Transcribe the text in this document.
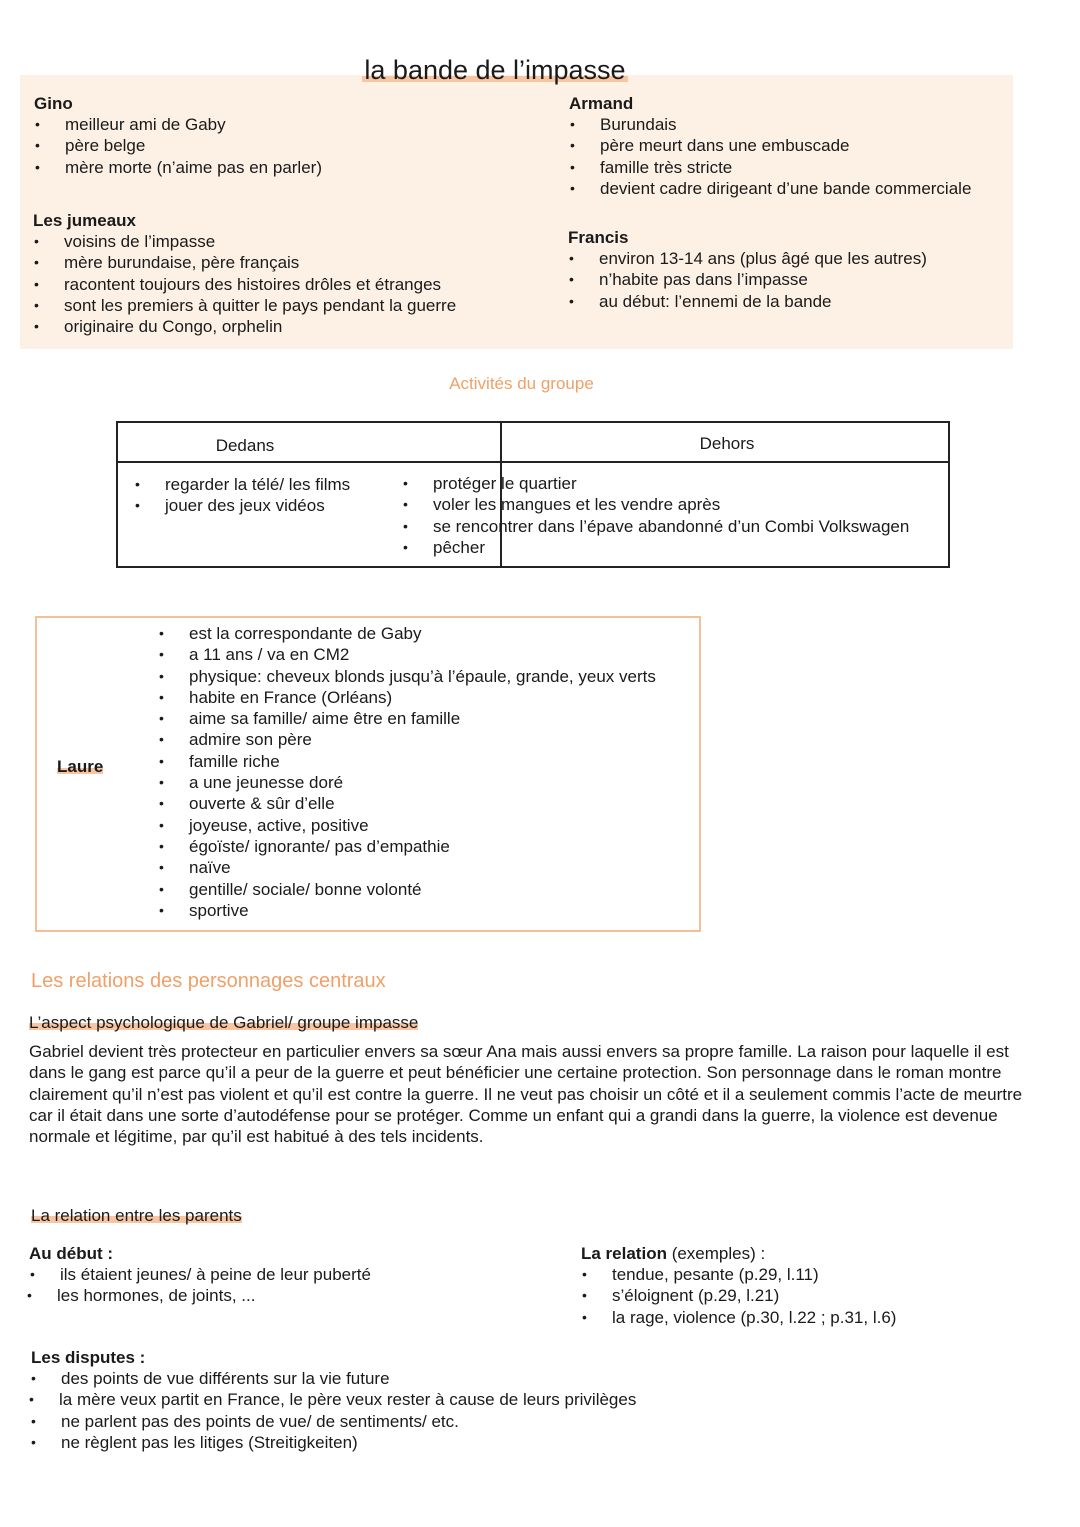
la bande de l’impasse
Gino
• meilleur ami de Gaby
• père belge
• mère morte (n’aime pas en parler)
Les jumeaux
• voisins de l’impasse
• mère burundaise, père français
• racontent toujours des histoires drôles et étranges
• sont les premiers à quitter le pays pendant la guerre
• originaire du Congo, orphelin
Armand
• Burundais
• père meurt dans une embuscade
• famille très stricte
• devient cadre dirigeant d’une bande commerciale
Francis
• environ 13-14 ans (plus âgé que les autres)
• n’habite pas dans l’impasse
• au début: l’ennemi de la bande
Activités du groupe
Dedans	Dehors
• regarder la télé/ les films
• jouer des jeux vidéos
• protéger le quartier
• voler les mangues et les vendre après
• se rencontrer dans l’épave abandonné d’un Combi Volkswagen
• pêcher
Laure
• est la correspondante de Gaby
• a 11 ans / va en CM2
• physique: cheveux blonds jusqu’à l’épaule, grande, yeux verts
• habite en France (Orléans)
• aime sa famille/ aime être en famille
• admire son père
• famille riche
• a une jeunesse doré
• ouverte & sûr d’elle
• joyeuse, active, positive
• égoïste/ ignorante/ pas d’empathie
• naïve
• gentille/ sociale/ bonne volonté
• sportive
Les relations des personnages centraux
L’aspect psychologique de Gabriel/ groupe impasse
Gabriel devient très protecteur en particulier envers sa sœur Ana mais aussi envers sa propre famille. La raison pour laquelle il est dans le gang est parce qu’il a peur de la guerre et peut bénéficier une certaine protection. Son personnage dans le roman montre clairement qu’il n’est pas violent et qu’il est contre la guerre. Il ne veut pas choisir un côté et il a seulement commis l’acte de meurtre car il était dans une sorte d’autodéfense pour se protéger. Comme un enfant qui a grandi dans la guerre, la violence est devenue normale et légitime, par qu’il est habitué à des tels incidents.
La relation entre les parents
Au début :
• ils étaient jeunes/ à peine de leur puberté
• les hormones, de joints, ...
La relation (exemples) :
• tendue, pesante (p.29, l.11)
• s’éloignent (p.29, l.21)
• la rage, violence (p.30, l.22 ; p.31, l.6)
Les disputes :
• des points de vue différents sur la vie future
• la mère veux partit en France, le père veux rester à cause de leurs privilèges
• ne parlent pas des points de vue/ de sentiments/ etc.
• ne règlent pas les litiges (Streitigkeiten)
